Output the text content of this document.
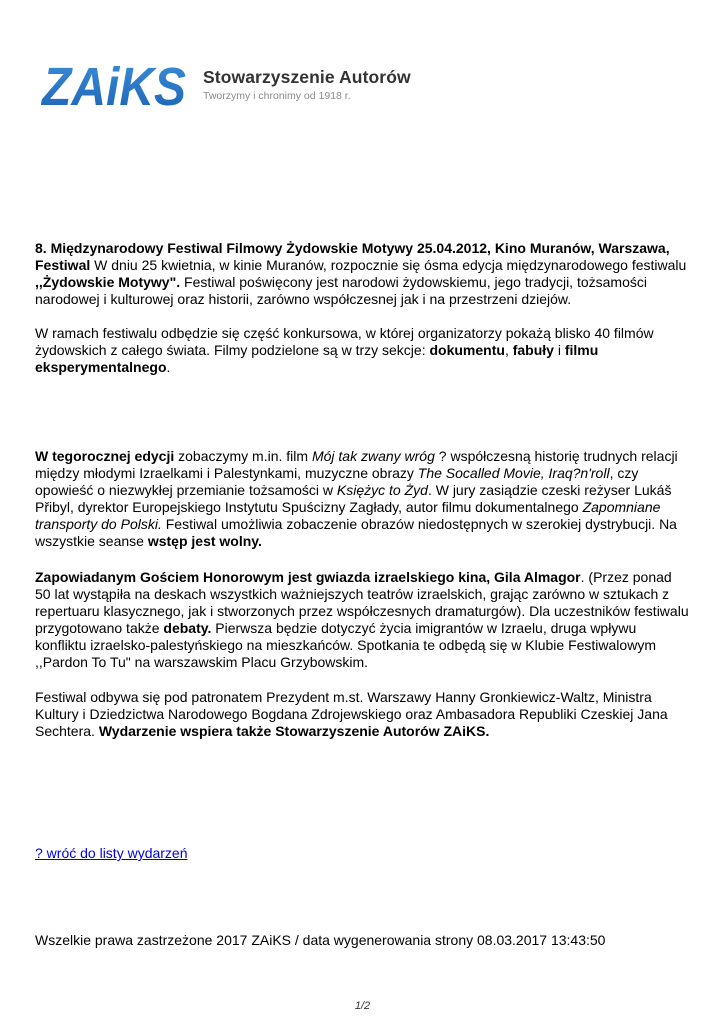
ZAiKS Stowarzyszenie Autorów
Tworzymy i chronimy od 1918 r.

8. Międzynarodowy Festiwal Filmowy Żydowskie Motywy 25.04.2012, Kino Muranów, Warszawa, Festiwal W dniu 25 kwietnia, w kinie Muranów, rozpocznie się ósma edycja międzynarodowego festiwalu ,,Żydowskie Motywy". Festiwal poświęcony jest narodowi żydowskiemu, jego tradycji, tożsamości narodowej i kulturowej oraz historii, zarówno współczesnej jak i na przestrzeni dziejów.

W ramach festiwalu odbędzie się część konkursowa, w której organizatorzy pokażą blisko 40 filmów żydowskich z całego świata. Filmy podzielone są w trzy sekcje: dokumentu, fabuły i filmu eksperymentalnego.

W tegorocznej edycji zobaczymy m.in. film Mój tak zwany wróg ? współczesną historię trudnych relacji między młodymi Izraelkami i Palestynkami, muzyczne obrazy The Socalled Movie, Iraq?n'roll, czy opowieść o niezwykłej przemianie tożsamości w Księżyc to Żyd. W jury zasiądzie czeski reżyser Lukáš Přibyl, dyrektor Europejskiego Instytutu Spuścizny Zagłady, autor filmu dokumentalnego Zapomniane transporty do Polski. Festiwal umożliwia zobaczenie obrazów niedostępnych w szerokiej dystrybucji. Na wszystkie seanse wstęp jest wolny.

Zapowiadanym Gościem Honorowym jest gwiazda izraelskiego kina, Gila Almagor. (Przez ponad 50 lat wystąpiła na deskach wszystkich ważniejszych teatrów izraelskich, grając zarówno w sztukach z repertuaru klasycznego, jak i stworzonych przez współczesnych dramaturgów). Dla uczestników festiwalu przygotowano także debaty. Pierwsza będzie dotyczyć życia imigrantów w Izraelu, druga wpływu konfliktu izraelsko-palestyńskiego na mieszkańców. Spotkania te odbędą się w Klubie Festiwalowym ,,Pardon To Tu" na warszawskim Placu Grzybowskim.

Festiwal odbywa się pod patronatem Prezydent m.st. Warszawy Hanny Gronkiewicz-Waltz, Ministra Kultury i Dziedzictwa Narodowego Bogdana Zdrojewskiego oraz Ambasadora Republiki Czeskiej Jana Sechtera. Wydarzenie wspiera także Stowarzyszenie Autorów ZAiKS.

? wróć do listy wydarzeń
Wszelkie prawa zastrzeżone 2017 ZAiKS / data wygenerowania strony 08.03.2017 13:43:50
1/2
